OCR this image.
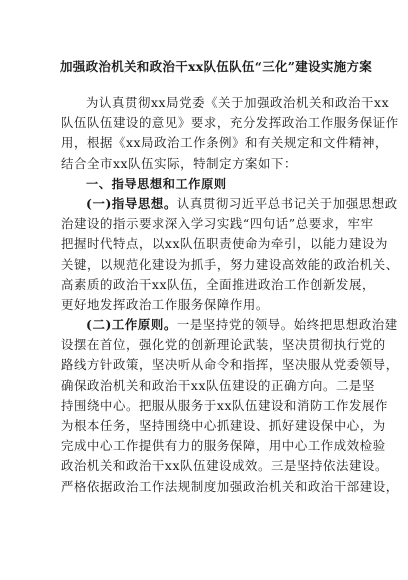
加强政治机关和政治干xx队伍队伍“三化”建设实施方案
为认真贯彻xx局党委《关于加强政治机关和政治干xx
队伍队伍建设的意见》要求，充分发挥政治工作服务保证作
用，根据《xx局政治工作条例》和有关规定和文件精神，
结合全市xx队伍实际，特制定方案如下：
一、指导思想和工作原则
(一)指导思想。认真贯彻习近平总书记关于加强思想政
治建设的指示要求深入学习实践“四句话”总要求，牢牢
把握时代特点，以xx队伍职责使命为牵引，以能力建设为
关键，以规范化建设为抓手，努力建设高效能的政治机关、
高素质的政治干xx队伍，全面推进政治工作创新发展，
更好地发挥政治工作服务保障作用。
(二)工作原则。一是坚持党的领导。始终把思想政治建
设摆在首位，强化党的创新理论武装，坚决贯彻执行党的
路线方针政策，坚决听从命令和指挥，坚决服从党委领导，
确保政治机关和政治干xx队伍建设的正确方向。二是坚
持围绕中心。把服从服务于xx队伍建设和消防工作发展作
为根本任务，坚持围绕中心抓建设、抓好建设保中心，为
完成中心工作提供有力的服务保障，用中心工作成效检验
政治机关和政治干xx队伍建设成效。三是坚持依法建设。
严格依据政治工作法规制度加强政治机关和政治干部建设，
